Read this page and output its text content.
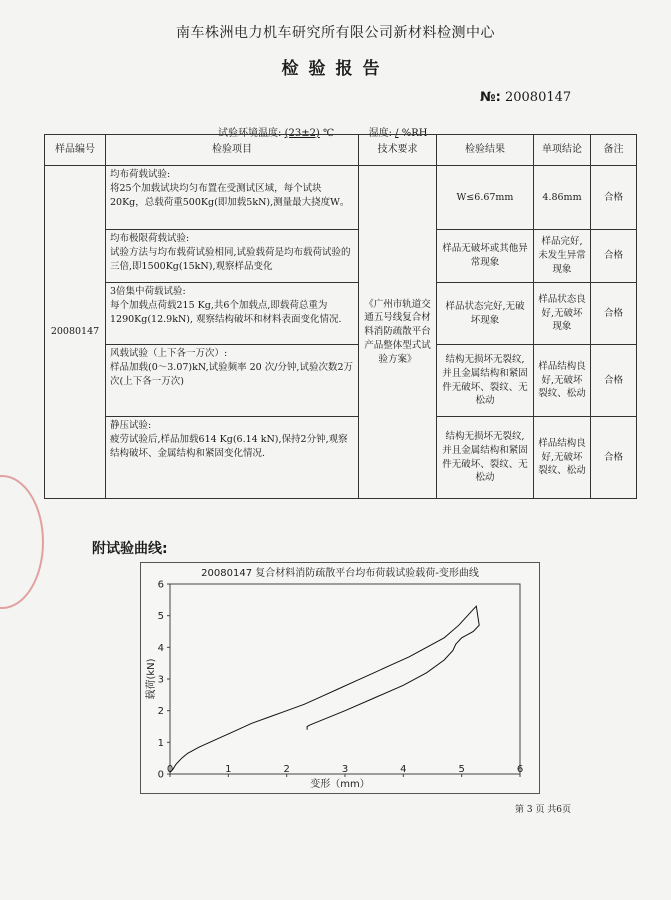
南车株洲电力机车研究所有限公司新材料检测中心
检验报告
№: 20080147
试验环境温度: (23±2) ℃	湿度: / %RH
样品编号	检验项目	技术要求	检验结果	单项结论	备注
20080147	均布荷载试验:
将25个加载试块均匀布置在受测试区域，每个试块20Kg，总载荷重500Kg(即加载5kN),测量最大挠度W。	《广州市轨道交通五号线复合材料消防疏散平台产品整体型式试验方案》	W≤6.67mm	4.86mm	合格

	均布极限荷载试验:
试验方法与均布载荷试验相同,试验载荷是均布载荷试验的三倍,即1500Kg(15kN),观察样品变化		样品无破坏或其他异常现象	样品完好,未发生异常现象	合格

	3倍集中荷载试验:
每个加载点荷载215 Kg,共6个加载点,即载荷总重为1290Kg(12.9kN), 观察结构破坏和材料表面变化情况.		样品状态完好,无破坏现象	样品状态良好,无破坏现象	合格

	风载试验（上下各一万次）:
样品加载(0～3.07)kN,试验频率 20 次/分钟,试验次数2万次(上下各一万次)		结构无损坏无裂纹,并且金属结构和紧固件无破坏、裂纹、无松动	样品结构良好,无破坏裂纹、松动	合格

	静压试验:
疲劳试验后,样品加载614 Kg(6.14 kN),保持2分钟,观察结构破坏、金属结构和紧固变化情况.		结构无损坏无裂纹,并且金属结构和紧固件无破坏、裂纹、无松动	样品结构良好,无破坏裂纹、松动	合格
附试验曲线:
20080147 复合材料消防疏散平台均布荷载试验载荷-变形曲线
0	1	2	3	4	5	6
0
1
2
3
4
5
6
变形（mm）
载荷(kN)
第 3 页 共6页
